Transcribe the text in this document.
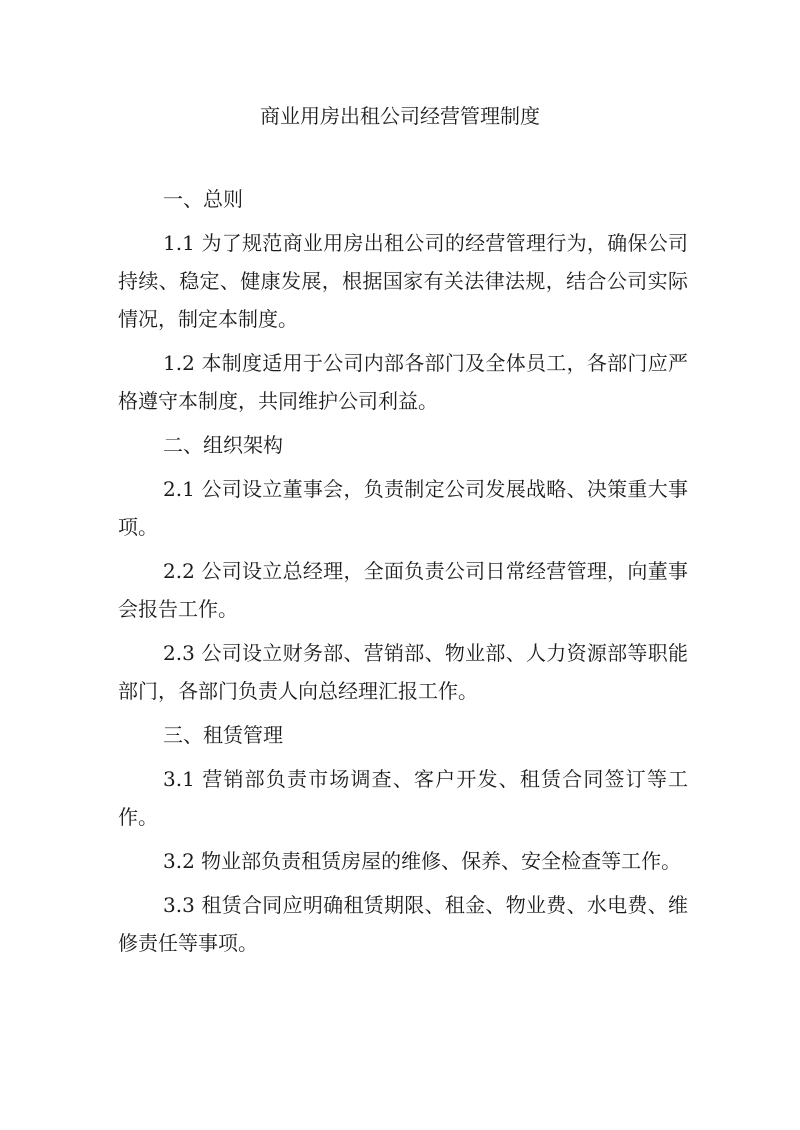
商业用房出租公司经营管理制度

一、总则

1.1 为了规范商业用房出租公司的经营管理行为，确保公司持续、稳定、健康发展，根据国家有关法律法规，结合公司实际情况，制定本制度。

1.2 本制度适用于公司内部各部门及全体员工，各部门应严格遵守本制度，共同维护公司利益。

二、组织架构

2.1 公司设立董事会，负责制定公司发展战略、决策重大事项。

2.2 公司设立总经理，全面负责公司日常经营管理，向董事会报告工作。

2.3 公司设立财务部、营销部、物业部、人力资源部等职能部门，各部门负责人向总经理汇报工作。

三、租赁管理

3.1 营销部负责市场调查、客户开发、租赁合同签订等工作。

3.2 物业部负责租赁房屋的维修、保养、安全检查等工作。

3.3 租赁合同应明确租赁期限、租金、物业费、水电费、维修责任等事项。
